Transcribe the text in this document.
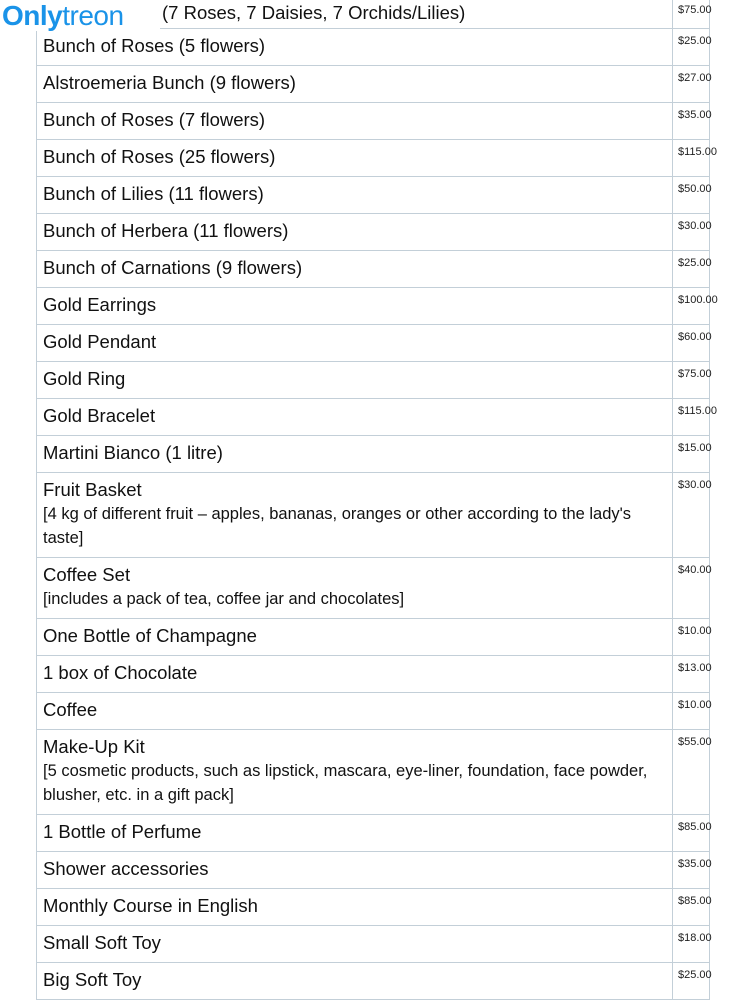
Only treon (7 Roses, 7 Daisies, 7 Orchids/Lilies)	$75.00

Bunch of Roses (5 flowers)	$25.00

Alstroemeria Bunch (9 flowers)	$27.00

Bunch of Roses (7 flowers)	$35.00

Bunch of Roses (25 flowers)	$115.00

Bunch of Lilies (11 flowers)	$50.00

Bunch of Herbera (11 flowers)	$30.00

Bunch of Carnations (9 flowers)	$25.00

Gold Earrings	$100.00

Gold Pendant	$60.00

Gold Ring	$75.00

Gold Bracelet	$115.00

Martini Bianco (1 litre)	$15.00

Fruit Basket
[4 kg of different fruit – apples, bananas, oranges or other according to the lady's taste]	$30.00

Coffee Set
[includes a pack of tea, coffee jar and chocolates]	$40.00

One Bottle of Champagne	$10.00

1 box of Chocolate	$13.00

Coffee	$10.00

Make-Up Kit
[5 cosmetic products, such as lipstick, mascara, eye-liner, foundation, face powder, blusher, etc. in a gift pack]	$55.00

1 Bottle of Perfume	$85.00

Shower accessories	$35.00

Monthly Course in English	$85.00

Small Soft Toy	$18.00

Big Soft Toy	$25.00
